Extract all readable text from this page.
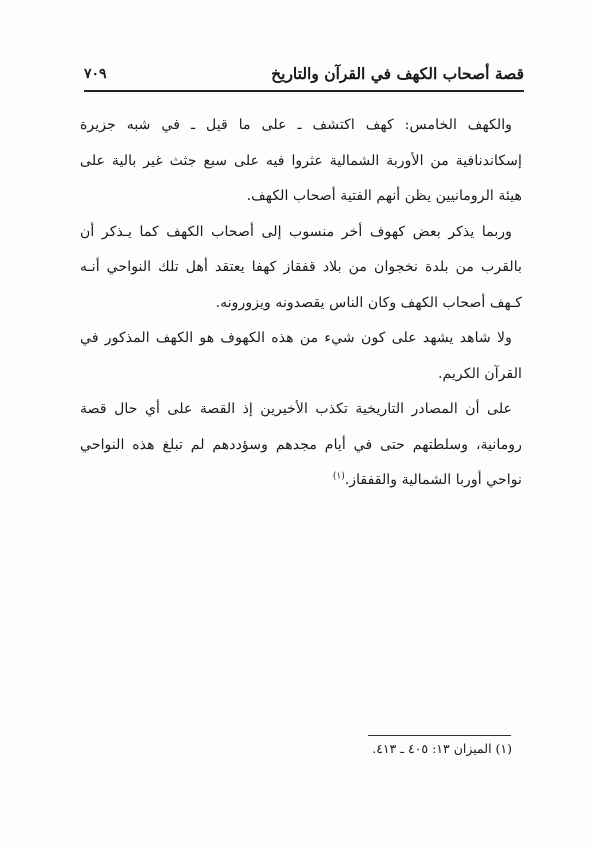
قصة أصحاب الكهف في القرآن والتاريخ
٧٠٩

والكهف الخامس: كهف اكتشف ـ على ما قيل ـ في شبه جزيرة إسكاندنافية من الأوربة الشمالية عثروا فيه على سبع جثث غير بالية على هيئة الرومانيين يظن أنهم الفتية أصحاب الكهف.

وربما يذكر بعض كهوف أخر منسوب إلى أصحاب الكهف كما يـذكر أن بالقرب من بلدة نخجوان من بلاد قفقاز كهفا يعتقد أهل تلك النواحي أنـه كـهف أصحاب الكهف وكان الناس يقصدونه ويزورونه.

ولا شاهد يشهد على كون شيء من هذه الكهوف هو الكهف المذكور في القرآن الكريم.

على أن المصادر التاريخية تكذب الأخيرين إذ القصة على أي حال قصة رومانية، وسلطتهم حتى في أيام مجدهم وسؤددهم لم تبلغ هذه النواحي نواحي أوربا الشمالية والقفقاز.$^{(١)}$

(١) الميزان ١٣: ٤٠٥ ـ ٤١٣.
